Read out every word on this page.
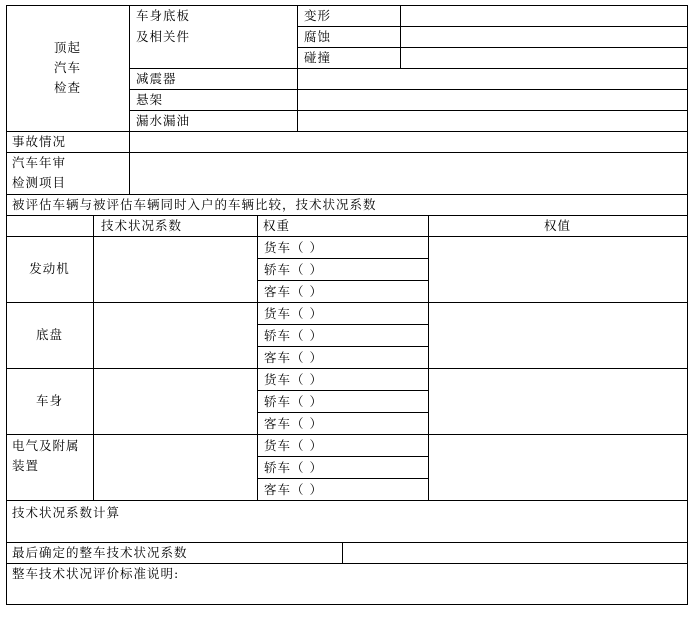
顶起
汽车
检查
车身底板
及相关件
变形
腐蚀
碰撞
减震器
悬架
漏水漏油
事故情况
汽车年审
检测项目
被评估车辆与被评估车辆同时入户的车辆比较，技术状况系数
技术状况系数	权重	权值
发动机
货车（ ）
轿车（ ）
客车（ ）
底盘
货车（ ）
轿车（ ）
客车（ ）
车身
货车（ ）
轿车（ ）
客车（ ）
电气及附属
装置
货车（ ）
轿车（ ）
客车（ ）
技术状况系数计算
最后确定的整车技术状况系数
整车技术状况评价标准说明:
